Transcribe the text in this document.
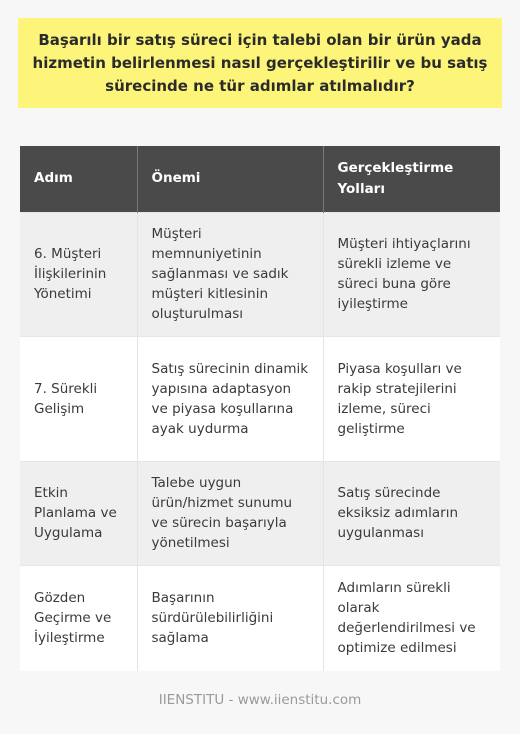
Başarılı bir satış süreci için talebi olan bir ürün yada hizmetin belirlenmesi nasıl gerçekleştirilir ve bu satış sürecinde ne tür adımlar atılmalıdır?
Adım	Önemi	Gerçekleştirme Yolları
6. Müşteri İlişkilerinin Yönetimi	Müşteri memnuniyetinin sağlanması ve sadık müşteri kitlesinin oluşturulması	Müşteri ihtiyaçlarını sürekli izleme ve süreci buna göre iyileştirme
7. Sürekli Gelişim	Satış sürecinin dinamik yapısına adaptasyon ve piyasa koşullarına ayak uydurma	Piyasa koşulları ve rakip stratejilerini izleme, süreci geliştirme
Etkin Planlama ve Uygulama	Talebe uygun ürün/hizmet sunumu ve sürecin başarıyla yönetilmesi	Satış sürecinde eksiksiz adımların uygulanması
Gözden Geçirme ve İyileştirme	Başarının sürdürülebilirliğini sağlama	Adımların sürekli olarak değerlendirilmesi ve optimize edilmesi
IIENSTITU - www.iienstitu.com
